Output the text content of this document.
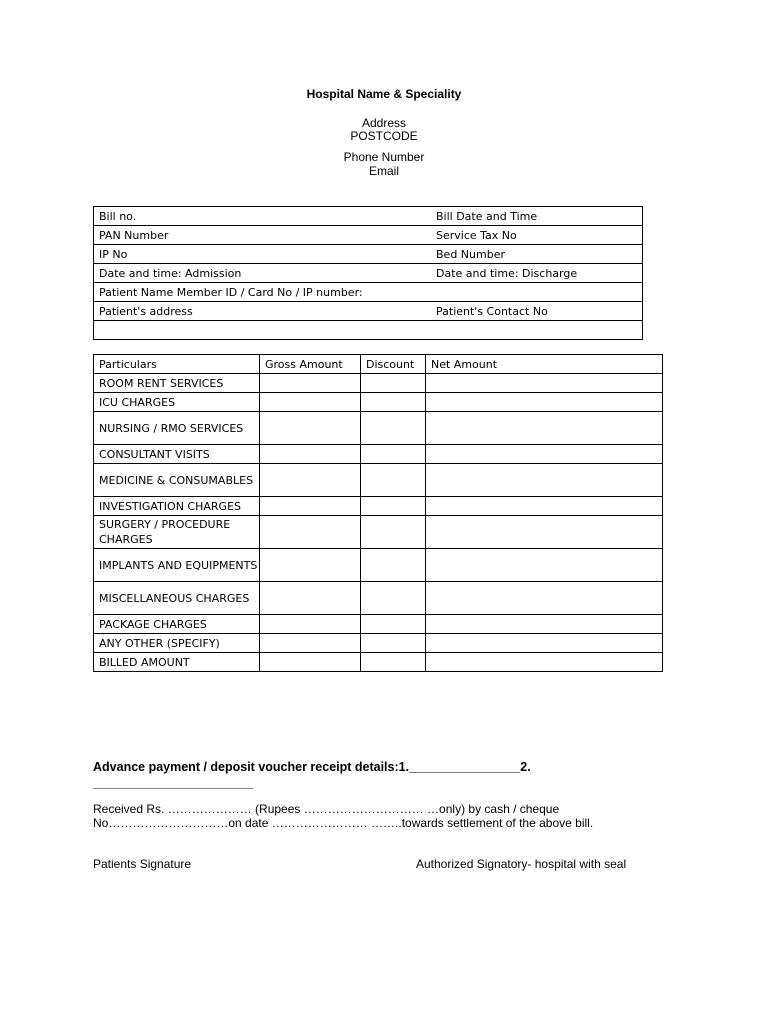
Hospital Name & Speciality
Address
POSTCODE
Phone Number
Email
Bill no.	Bill Date and Time
PAN Number	Service Tax No
IP No	Bed Number
Date and time: Admission	Date and time: Discharge
Patient Name Member ID / Card No / IP number:	
Patient's address	Patient's Contact No

Particulars	Gross Amount	Discount	Net Amount
ROOM RENT SERVICES			
ICU CHARGES			
NURSING / RMO SERVICES			
CONSULTANT VISITS			
MEDICINE & CONSUMABLES			
INVESTIGATION CHARGES			
SURGERY / PROCEDURE CHARGES			
IMPLANTS AND EQUIPMENTS			
MISCELLANEOUS CHARGES			
PACKAGE CHARGES			
ANY OTHER (SPECIFY)			
BILLED AMOUNT			
Advance payment / deposit voucher receipt details:1.________________2.
________________________
Received Rs. ………………… (Rupees ………………………… …only) by cash / cheque
No…………………………on date …………………… ……..towards settlement of the above bill.
Patients Signature	Authorized Signatory- hospital with seal
